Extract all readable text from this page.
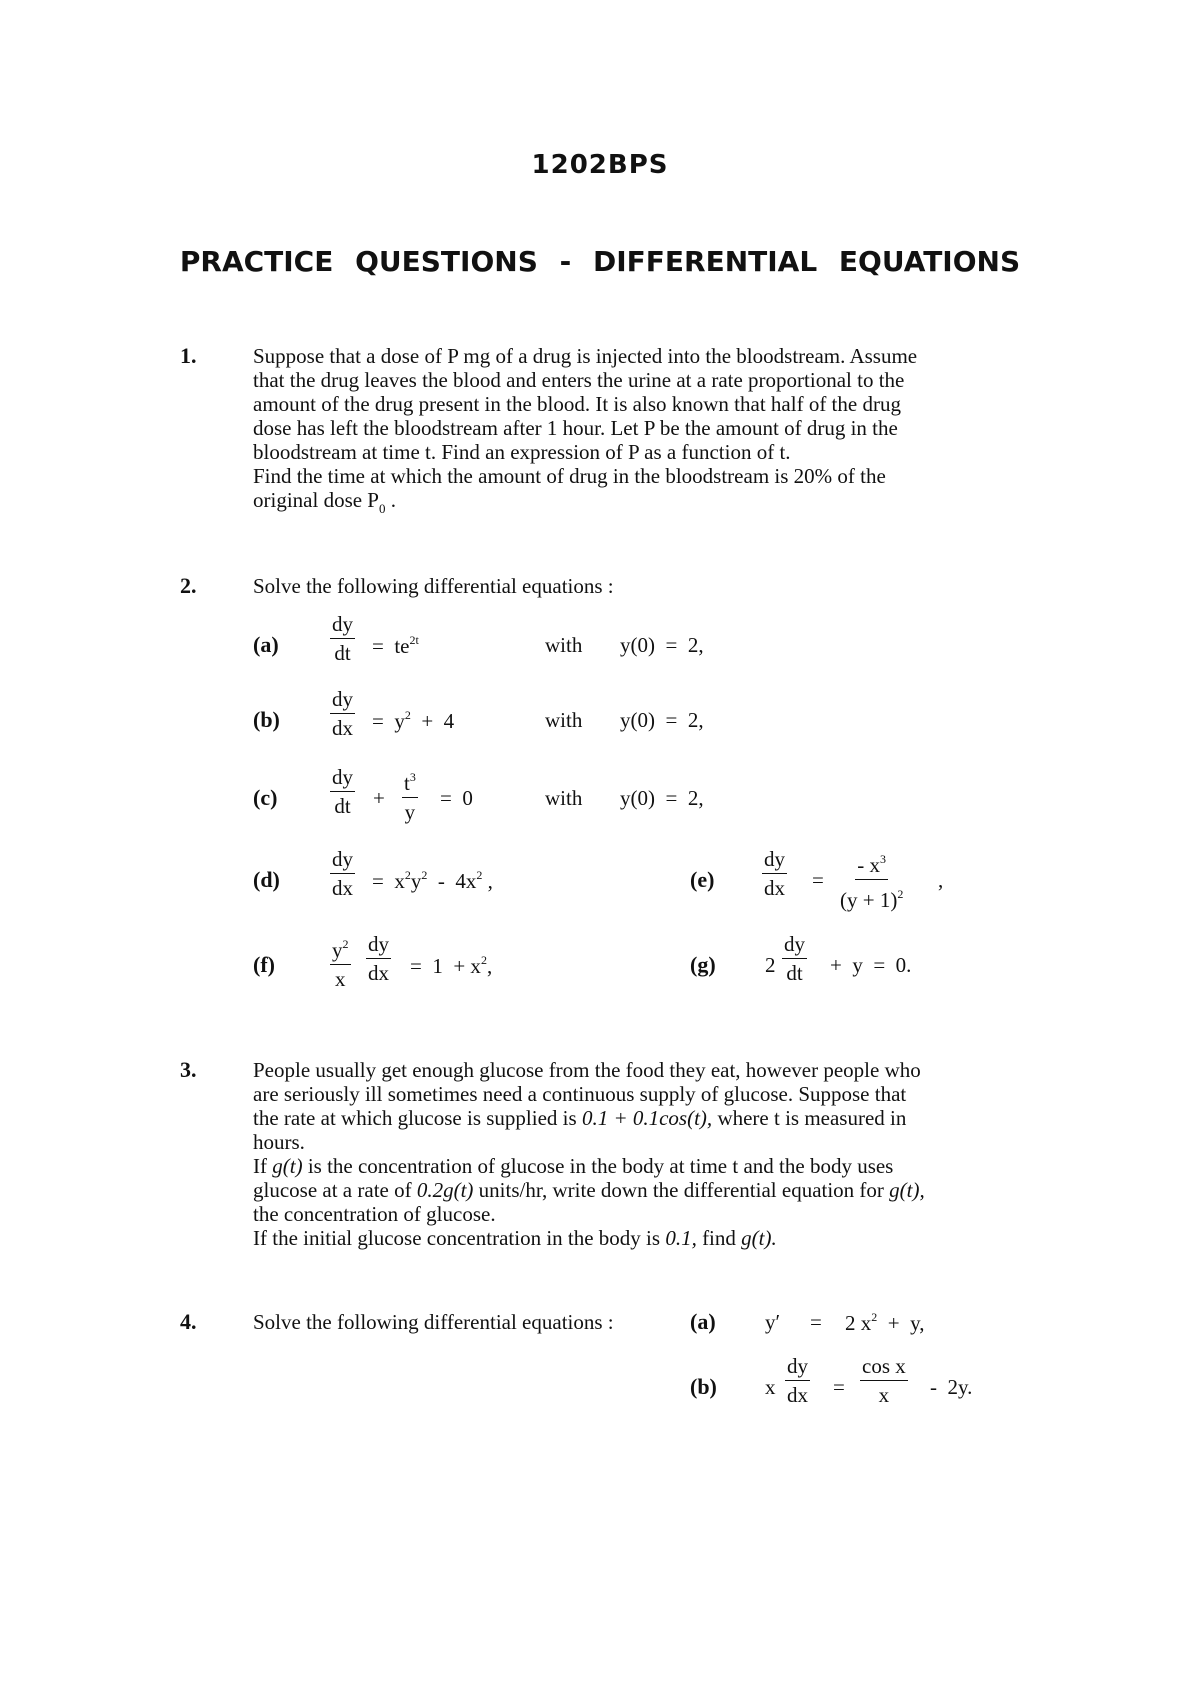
1202BPS
PRACTICE QUESTIONS - DIFFERENTIAL EQUATIONS
1.	Suppose that a dose of P mg of a drug is injected into the bloodstream. Assume
that the drug leaves the blood and enters the urine at a rate proportional to the
amount of the drug present in the blood. It is also known that half of the drug
dose has left the bloodstream after 1 hour. Let P be the amount of drug in the
bloodstream at time t. Find an expression of P as a function of t.
Find the time at which the amount of drug in the bloodstream is 20% of the
original dose $P_0$ .
2.	Solve the following differential equations :
$(a) \frac{dy}{dt} = te^{2t}$	with y(0)  =  2,
$(b) \frac{dy}{dx} = y^2 + 4$	with y(0)  =  2,
(c)	$\frac{dy}{dt} + \frac{t^3}{y} = 0$	with y(0)  =  2,
$(d) \frac{dy}{dx} = x^2y^2 - 4x^2$ ,	$(e) \frac{dy}{dx} = \frac{- x^3}{(y + 1)^2}$ ,
(f)	$\frac{y^2}{x} \frac{dy}{dx} = 1 + x^2$,	(g) $2 \frac{dy}{dt} + y = 0$.
3.	People usually get enough glucose from the food they eat, however people who
are seriously ill sometimes need a continuous supply of glucose. Suppose that
the rate at which glucose is supplied is 0.1 + 0.1cos(t), where t is measured in
hours.
If g(t) is the concentration of glucose in the body at time t and the body uses
glucose at a rate of 0.2g(t) units/hr, write down the differential equation for g(t),
the concentration of glucose.
If the initial glucose concentration in the body is 0.1, find g(t).
4.	Solve the following differential equations :	(a) y′ = 2 $x^2 + y$,
(b) x $\frac{dy}{dx} = \frac{\text{cos x}}{x} - 2y$.
